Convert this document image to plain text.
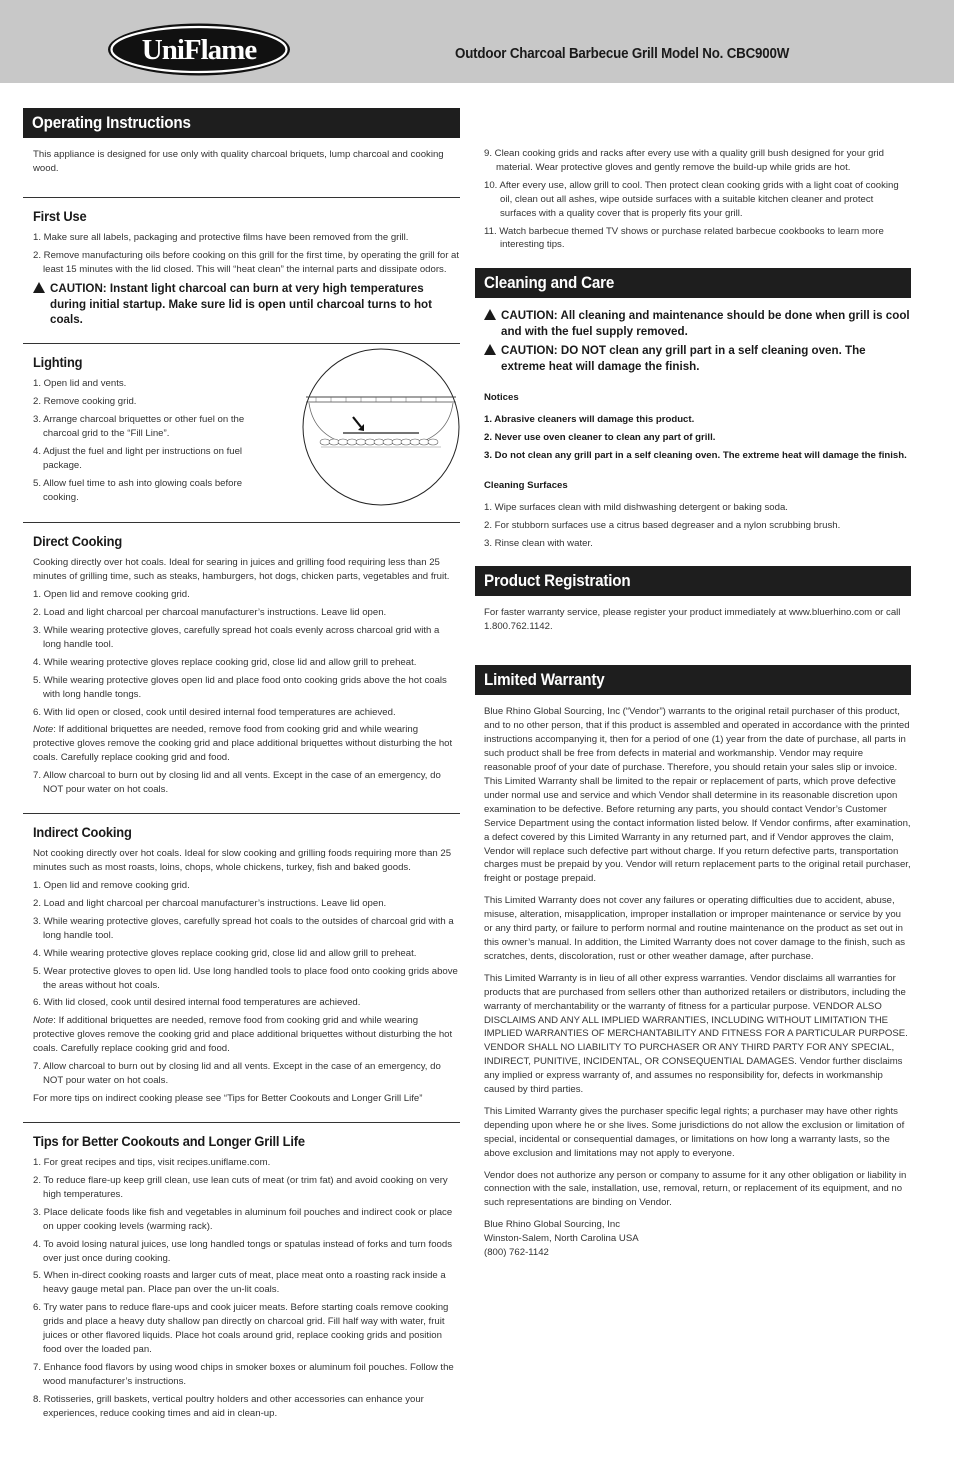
UniFlame	Outdoor Charcoal Barbecue Grill Model No. CBC900W
Operating Instructions

This appliance is designed for use only with quality charcoal briquets, lump charcoal and cooking wood.

First Use
1. Make sure all labels, packaging and protective films have been removed from the grill.
2. Remove manufacturing oils before cooking on this grill for the first time, by operating the grill for at least 15 minutes with the lid closed. This will “heat clean” the internal parts and dissipate odors.
CAUTION: Instant light charcoal can burn at very high temperatures during initial startup. Make sure lid is open until charcoal turns to hot coals.
Lighting
1. Open lid and vents.
2. Remove cooking grid.
3. Arrange charcoal briquettes or other fuel on the charcoal grid to the “Fill Line”.
4. Adjust the fuel and light per instructions on fuel package.
5. Allow fuel time to ash into glowing coals before cooking.
Direct Cooking

Cooking directly over hot coals. Ideal for searing in juices and grilling food requiring less than 25 minutes of grilling time, such as steaks, hamburgers, hot dogs, chicken parts, vegetables and fruit.

1. Open lid and remove cooking grid.
2. Load and light charcoal per charcoal manufacturer’s instructions. Leave lid open.
3. While wearing protective gloves, carefully spread hot coals evenly across charcoal grid with a long handle tool.
4. While wearing protective gloves replace cooking grid, close lid and allow grill to preheat.
5. While wearing protective gloves open lid and place food onto cooking grids above the hot coals with long handle tongs.
6. With lid open or closed, cook until desired internal food temperatures are achieved.

Note: If additional briquettes are needed, remove food from cooking grid and while wearing protective gloves remove the cooking grid and place additional briquettes without disturbing the hot coals. Carefully replace cooking grid and food.

7. Allow charcoal to burn out by closing lid and all vents. Except in the case of an emergency, do NOT pour water on hot coals.
Indirect Cooking

Not cooking directly over hot coals. Ideal for slow cooking and grilling foods requiring more than 25 minutes such as most roasts, loins, chops, whole chickens, turkey, fish and baked goods.

1. Open lid and remove cooking grid.
2. Load and light charcoal per charcoal manufacturer’s instructions. Leave lid open.
3. While wearing protective gloves, carefully spread hot coals to the outsides of charcoal grid with a long handle tool.
4. While wearing protective gloves replace cooking grid, close lid and allow grill to preheat.
5. Wear protective gloves to open lid. Use long handled tools to place food onto cooking grids above the areas without hot coals.
6. With lid closed, cook until desired internal food temperatures are achieved.

Note: If additional briquettes are needed, remove food from cooking grid and while wearing protective gloves remove the cooking grid and place additional briquettes without disturbing the hot coals. Carefully replace cooking grid and food.

7. Allow charcoal to burn out by closing lid and all vents. Except in the case of an emergency, do NOT pour water on hot coals.

For more tips on indirect cooking please see “Tips for Better Cookouts and Longer Grill Life”

Tips for Better Cookouts and Longer Grill Life
1. For great recipes and tips, visit recipes.uniflame.com.
2. To reduce flare-up keep grill clean, use lean cuts of meat (or trim fat) and avoid cooking on very high temperatures.
3. Place delicate foods like fish and vegetables in aluminum foil pouches and indirect cook or place on upper cooking levels (warming rack).
4. To avoid losing natural juices, use long handled tongs or spatulas instead of forks and turn foods over just once during cooking.
5. When in-direct cooking roasts and larger cuts of meat, place meat onto a roasting rack inside a heavy gauge metal pan. Place pan over the un-lit coals.
6. Try water pans to reduce flare-ups and cook juicer meats. Before starting coals remove cooking grids and place a heavy duty shallow pan directly on charcoal grid. Fill half way with water, fruit juices or other flavored liquids. Place hot coals around grid, replace cooking grids and position food over the loaded pan.
7. Enhance food flavors by using wood chips in smoker boxes or aluminum foil pouches. Follow the wood manufacturer’s instructions.
8. Rotisseries, grill baskets, vertical poultry holders and other accessories can enhance your experiences, reduce cooking times and aid in clean-up.
9. Clean cooking grids and racks after every use with a quality grill bush designed for your grid material. Wear protective gloves and gently remove the build-up while grids are hot.
10. After every use, allow grill to cool. Then protect clean cooking grids with a light coat of cooking oil, clean out all ashes, wipe outside surfaces with a suitable kitchen cleaner and protect surfaces with a quality cover that is properly fits your grill.
11. Watch barbecue themed TV shows or purchase related barbecue cookbooks to learn more interesting tips.
Cleaning and Care
CAUTION: All cleaning and maintenance should be done when grill is cool and with the fuel supply removed.
CAUTION: DO NOT clean any grill part in a self cleaning oven. The extreme heat will damage the finish.
Notices
1. Abrasive cleaners will damage this product.
2. Never use oven cleaner to clean any part of grill.
3. Do not clean any grill part in a self cleaning oven. The extreme heat will damage the finish.
Cleaning Surfaces
1. Wipe surfaces clean with mild dishwashing detergent or baking soda.
2. For stubborn surfaces use a citrus based degreaser and a nylon scrubbing brush.
3. Rinse clean with water.
Product Registration

For faster warranty service, please register your product immediately at www.bluerhino.com or call 1.800.762.1142.

Limited Warranty

Blue Rhino Global Sourcing, Inc (“Vendor”) warrants to the original retail purchaser of this product, and to no other person, that if this product is assembled and operated in accordance with the printed instructions accompanying it, then for a period of one (1) year from the date of purchase, all parts in such product shall be free from defects in material and workmanship. Vendor may require reasonable proof of your date of purchase. Therefore, you should retain your sales slip or invoice. This Limited Warranty shall be limited to the repair or replacement of parts, which prove defective under normal use and service and which Vendor shall determine in its reasonable discretion upon examination to be defective. Before returning any parts, you should contact Vendor’s Customer Service Department using the contact information listed below. If Vendor confirms, after examination, a defect covered by this Limited Warranty in any returned part, and if Vendor approves the claim, Vendor will replace such defective part without charge. If you return defective parts, transportation charges must be prepaid by you. Vendor will return replacement parts to the original retail purchaser, freight or postage prepaid.

This Limited Warranty does not cover any failures or operating difficulties due to accident, abuse, misuse, alteration, misapplication, improper installation or improper maintenance or service by you or any third party, or failure to perform normal and routine maintenance on the product as set out in this owner’s manual. In addition, the Limited Warranty does not cover damage to the finish, such as scratches, dents, discoloration, rust or other weather damage, after purchase.

This Limited Warranty is in lieu of all other express warranties. Vendor disclaims all warranties for products that are purchased from sellers other than authorized retailers or distributors, including the warranty of merchantability or the warranty of fitness for a particular purpose. VENDOR ALSO DISCLAIMS AND ANY ALL IMPLIED WARRANTIES, INCLUDING WITHOUT LIMITATION THE IMPLIED WARRANTIES OF MERCHANTABILITY AND FITNESS FOR A PARTICULAR PURPOSE. VENDOR SHALL NO LIABILITY TO PURCHASER OR ANY THIRD PARTY FOR ANY SPECIAL, INDIRECT, PUNITIVE, INCIDENTAL, OR CONSEQUENTIAL DAMAGES. Vendor further disclaims any implied or express warranty of, and assumes no responsibility for, defects in workmanship caused by third parties.

This Limited Warranty gives the purchaser specific legal rights; a purchaser may have other rights depending upon where he or she lives. Some jurisdictions do not allow the exclusion or limitation of special, incidental or consequential damages, or limitations on how long a warranty lasts, so the above exclusion and limitations may not apply to everyone.

Vendor does not authorize any person or company to assume for it any other obligation or liability in connection with the sale, installation, use, removal, return, or replacement of its equipment, and no such representations are binding on Vendor.

Blue Rhino Global Sourcing, Inc
Winston-Salem, North Carolina USA
(800) 762-1142
